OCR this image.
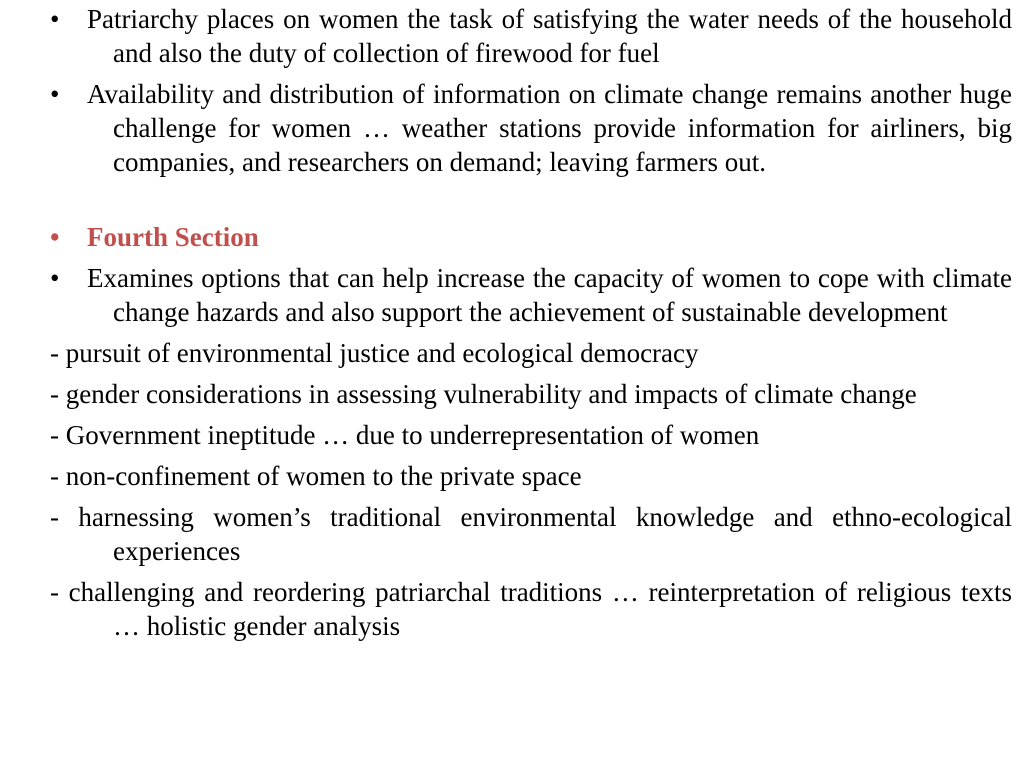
• Patriarchy places on women the task of satisfying the water needs of the household and also the duty of collection of firewood for fuel

• Availability and distribution of information on climate change remains another huge challenge for women … weather stations provide information for airliners, big companies, and researchers on demand; leaving farmers out.

• Fourth Section

• Examines options that can help increase the capacity of women to cope with climate change hazards and also support the achievement of sustainable development

- pursuit of environmental justice and ecological democracy

- gender considerations in assessing vulnerability and impacts of climate change

- Government ineptitude … due to underrepresentation of women

- non-confinement of women to the private space

- harnessing women’s traditional environmental knowledge and ethno-ecological experiences

- challenging and reordering patriarchal traditions … reinterpretation of religious texts … holistic gender analysis
